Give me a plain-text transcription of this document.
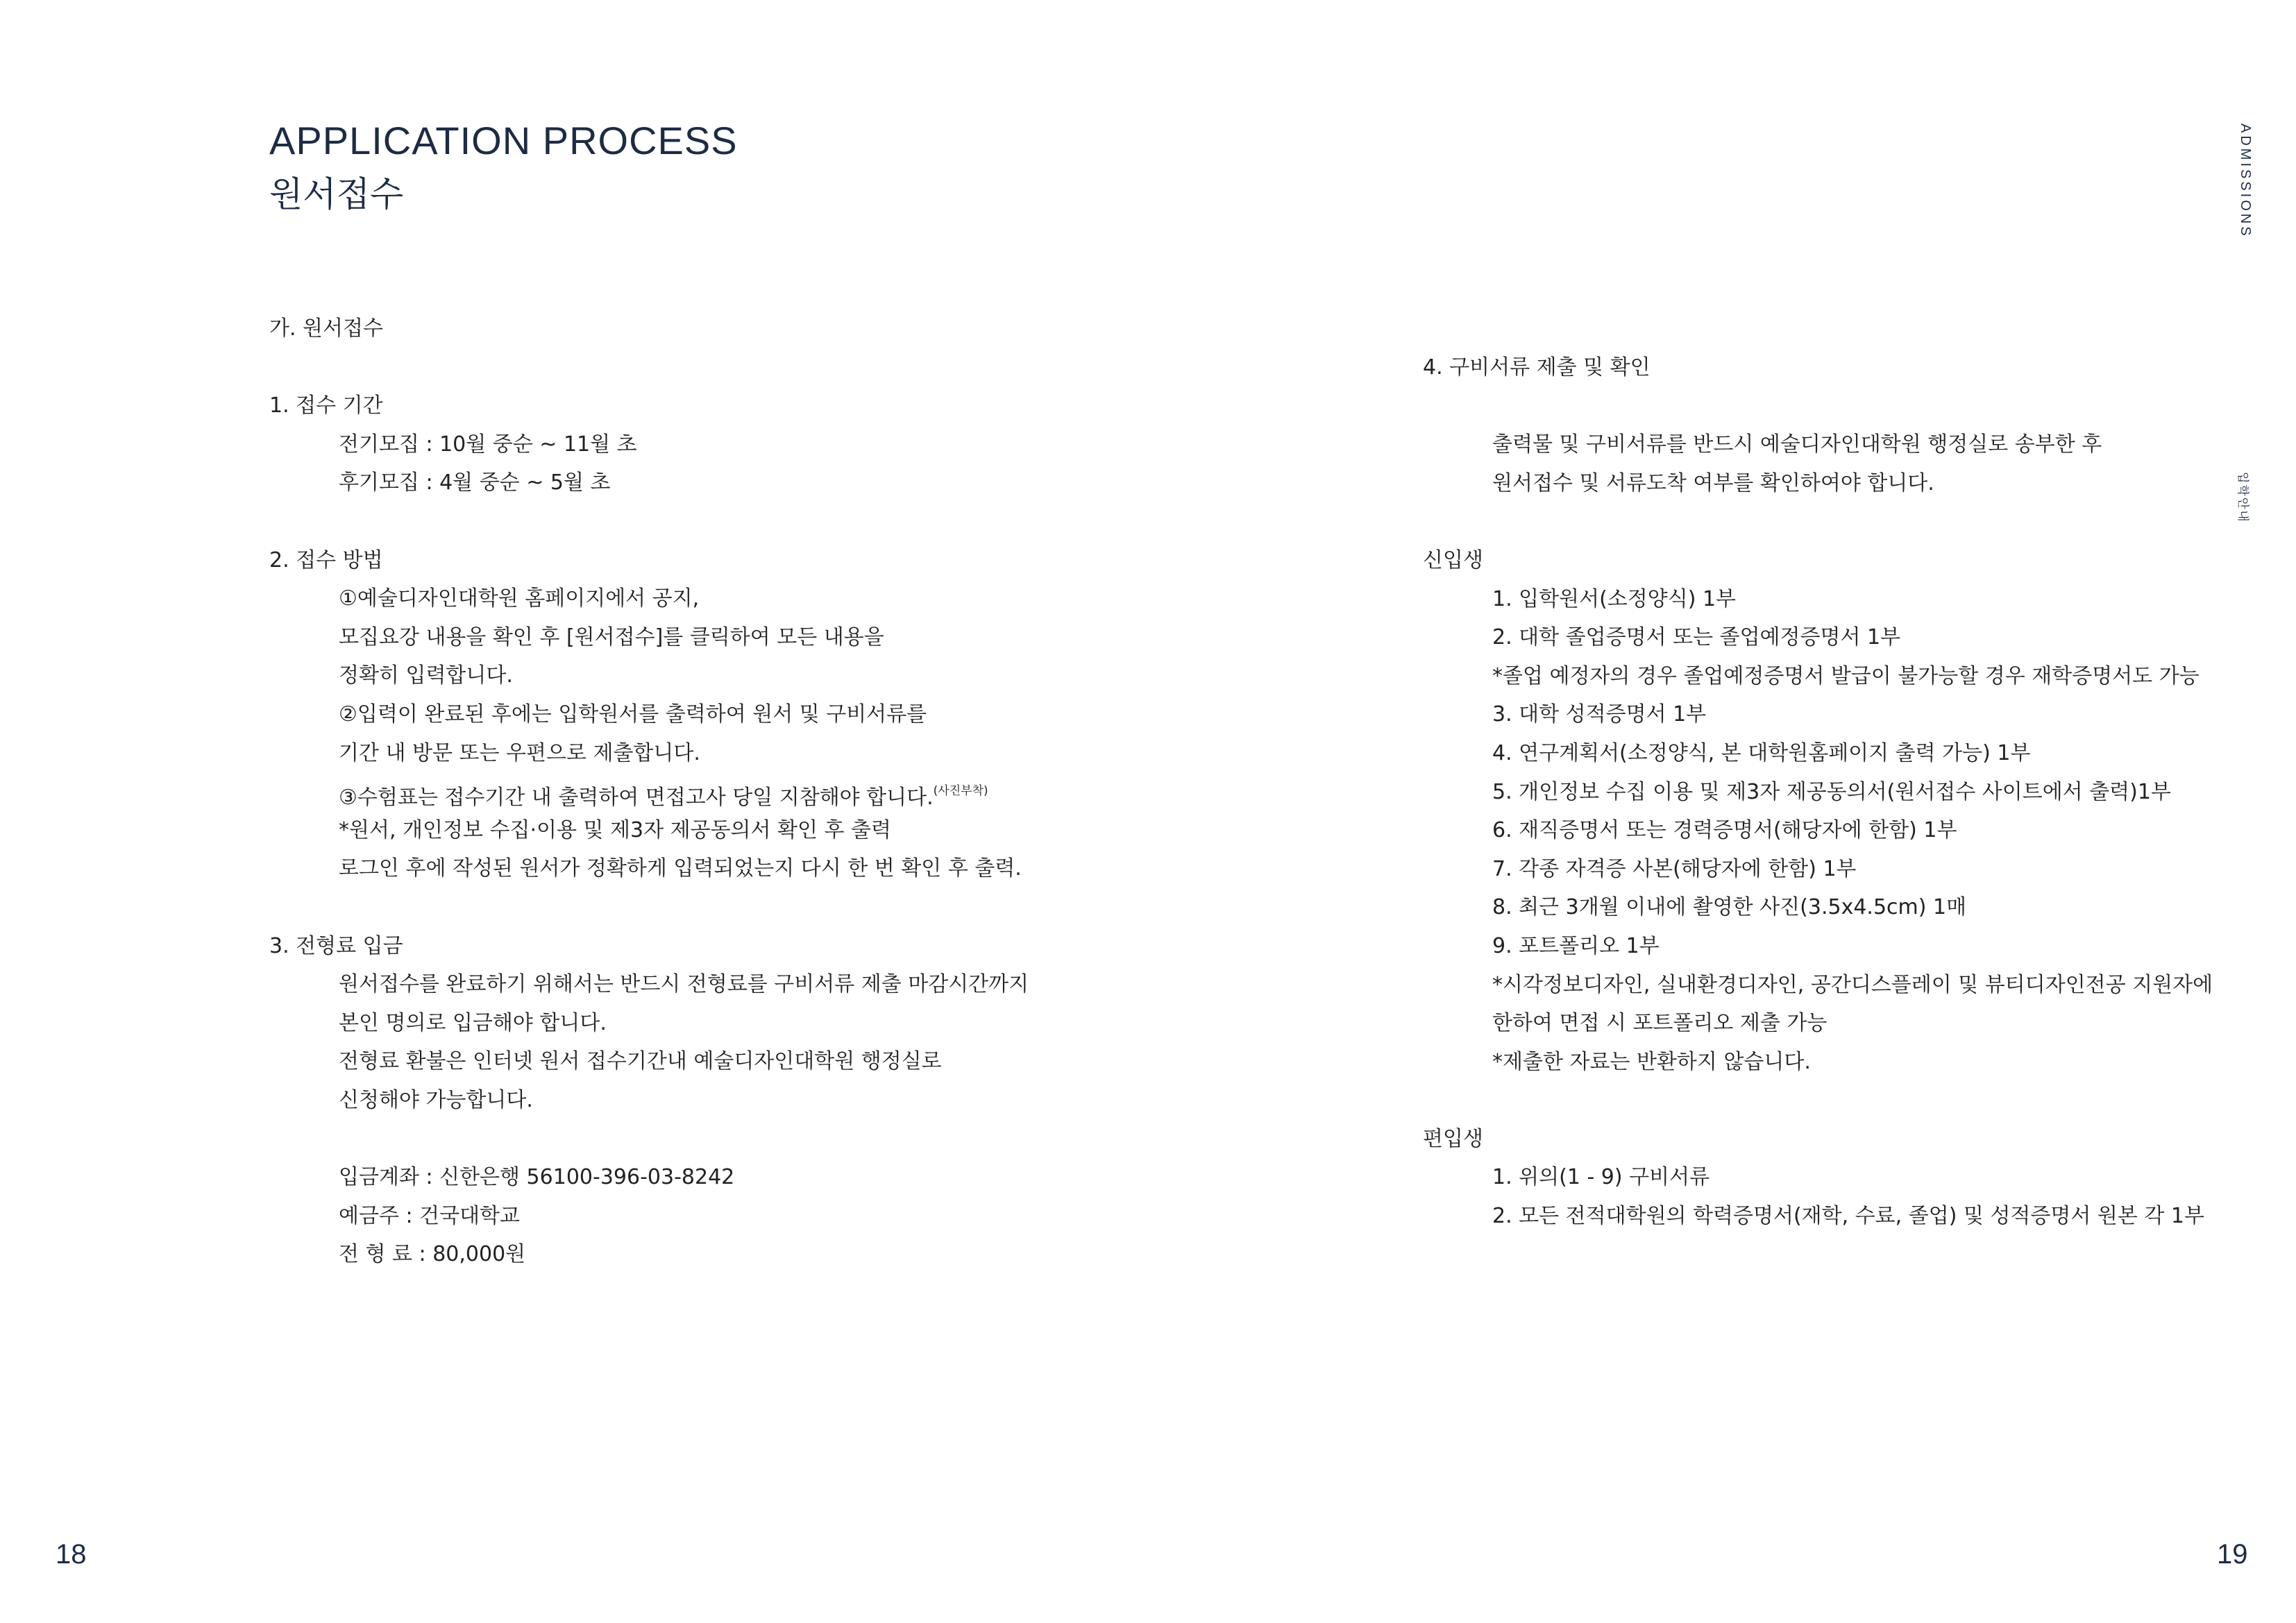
APPLICATION PROCESS
원서접수	ADMISSIONS
입학안내
가. 원서접수
1. 접수 기간
전기모집 : 10월 중순 ~ 11월 초
후기모집 : 4월 중순 ~ 5월 초
2. 접수 방법
①예술디자인대학원 홈페이지에서 공지,
모집요강 내용을 확인 후 [원서접수]를 클릭하여 모든 내용을
정확히 입력합니다.
②입력이 완료된 후에는 입학원서를 출력하여 원서 및 구비서류를
기간 내 방문 또는 우편으로 제출합니다.
③수험표는 접수기간 내 출력하여 면접고사 당일 지참해야 합니다.$^{(사진부착)}$
*원서, 개인정보 수집·이용 및 제3자 제공동의서 확인 후 출력
로그인 후에 작성된 원서가 정확하게 입력되었는지 다시 한 번 확인 후 출력.
3. 전형료 입금
원서접수를 완료하기 위해서는 반드시 전형료를 구비서류 제출 마감시간까지
본인 명의로 입금해야 합니다.
전형료 환불은 인터넷 원서 접수기간내 예술디자인대학원 행정실로
신청해야 가능합니다.
입금계좌 : 신한은행 56100-396-03-8242
예금주 : 건국대학교
전 형 료 : 80,000원
4. 구비서류 제출 및 확인
출력물 및 구비서류를 반드시 예술디자인대학원 행정실로 송부한 후
원서접수 및 서류도착 여부를 확인하여야 합니다.
신입생
1. 입학원서(소정양식) 1부
2. 대학 졸업증명서 또는 졸업예정증명서 1부
*졸업 예정자의 경우 졸업예정증명서 발급이 불가능할 경우 재학증명서도 가능
3. 대학 성적증명서 1부
4. 연구계획서(소정양식, 본 대학원홈페이지 출력 가능) 1부
5. 개인정보 수집 이용 및 제3자 제공동의서(원서접수 사이트에서 출력)1부
6. 재직증명서 또는 경력증명서(해당자에 한함) 1부
7. 각종 자격증 사본(해당자에 한함) 1부
8. 최근 3개월 이내에 촬영한 사진(3.5x4.5cm) 1매
9. 포트폴리오 1부
*시각정보디자인, 실내환경디자인, 공간디스플레이 및 뷰티디자인전공 지원자에
한하여 면접 시 포트폴리오 제출 가능
*제출한 자료는 반환하지 않습니다.
편입생
1. 위의(1 - 9) 구비서류
2. 모든 전적대학원의 학력증명서(재학, 수료, 졸업) 및 성적증명서 원본 각 1부
18	19
